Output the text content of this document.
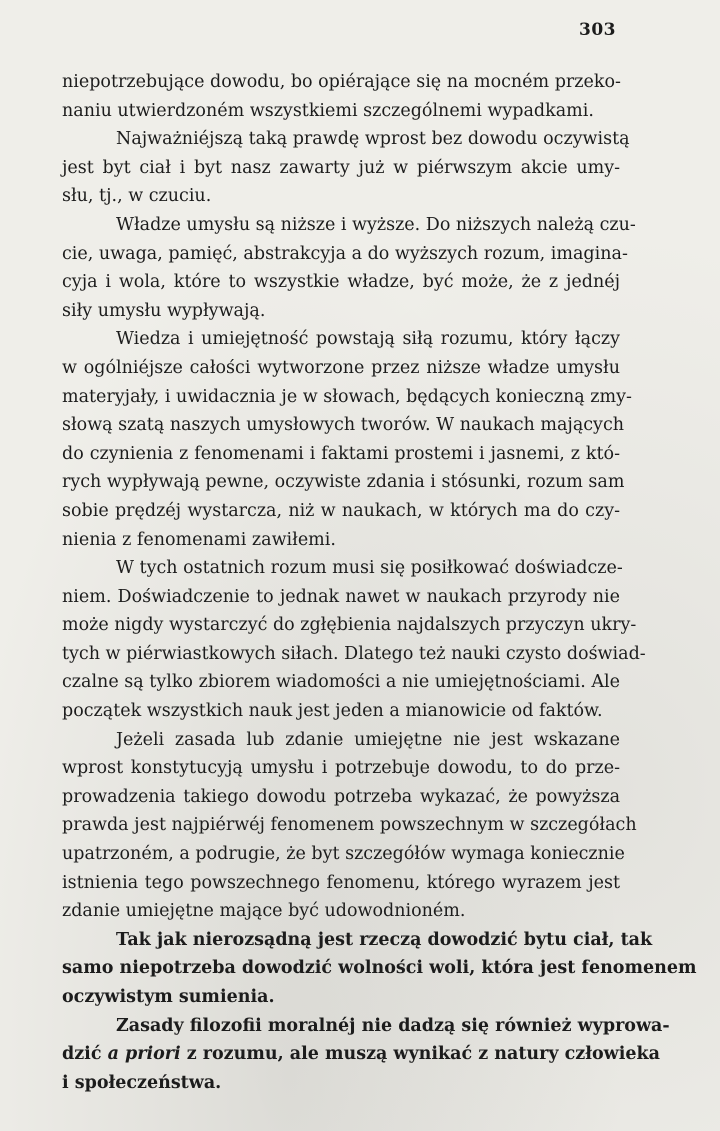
303
niepotrzebujące dowodu, bo opiérające się na mocném przeko-
naniu utwierdzoném wszystkiemi szczególnemi wypadkami.
Najważniéjszą taką prawdę wprost bez dowodu oczywistą
jest byt ciał i byt nasz zawarty już w piérwszym akcie umy-
słu, tj., w czuciu.
Władze umysłu są niższe i wyższe. Do niższych należą czu-
cie, uwaga, pamięć, abstrakcyja a do wyższych rozum, imagina-
cyja i wola, które to wszystkie władze, być może, że z jednéj
siły umysłu wypływają.
Wiedza i umiejętność powstają siłą rozumu, który łączy
w ogólniéjsze całości wytworzone przez niższe władze umysłu
materyjały, i uwidacznia je w słowach, będących konieczną zmy-
słową szatą naszych umysłowych tworów. W naukach mających
do czynienia z fenomenami i faktami prostemi i jasnemi, z któ-
rych wypływają pewne, oczywiste zdania i stósunki, rozum sam
sobie prędzéj wystarcza, niż w naukach, w których ma do czy-
nienia z fenomenami zawiłemi.
W tych ostatnich rozum musi się posiłkować doświadcze-
niem. Doświadczenie to jednak nawet w naukach przyrody nie
może nigdy wystarczyć do zgłębienia najdalszych przyczyn ukry-
tych w piérwiastkowych siłach. Dlatego też nauki czysto doświad-
czalne są tylko zbiorem wiadomości a nie umiejętnościami. Ale
początek wszystkich nauk jest jeden a mianowicie od faktów.
Jeżeli zasada lub zdanie umiejętne nie jest wskazane
wprost konstytucyją umysłu i potrzebuje dowodu, to do prze-
prowadzenia takiego dowodu potrzeba wykazać, że powyższa
prawda jest najpiérwéj fenomenem powszechnym w szczegółach
upatrzoném, a podrugie, że byt szczegółów wymaga koniecznie
istnienia tego powszechnego fenomenu, którego wyrazem jest
zdanie umiejętne mające być udowodnioném.
Tak jak nierozsądną jest rzeczą dowodzić bytu ciał, tak
samo niepotrzeba dowodzić wolności woli, która jest fenomenem
oczywistym sumienia.
Zasady filozofii moralnéj nie dadzą się również wyprowa-
dzić a priori z rozumu, ale muszą wynikać z natury człowieka
i społeczeństwa.
